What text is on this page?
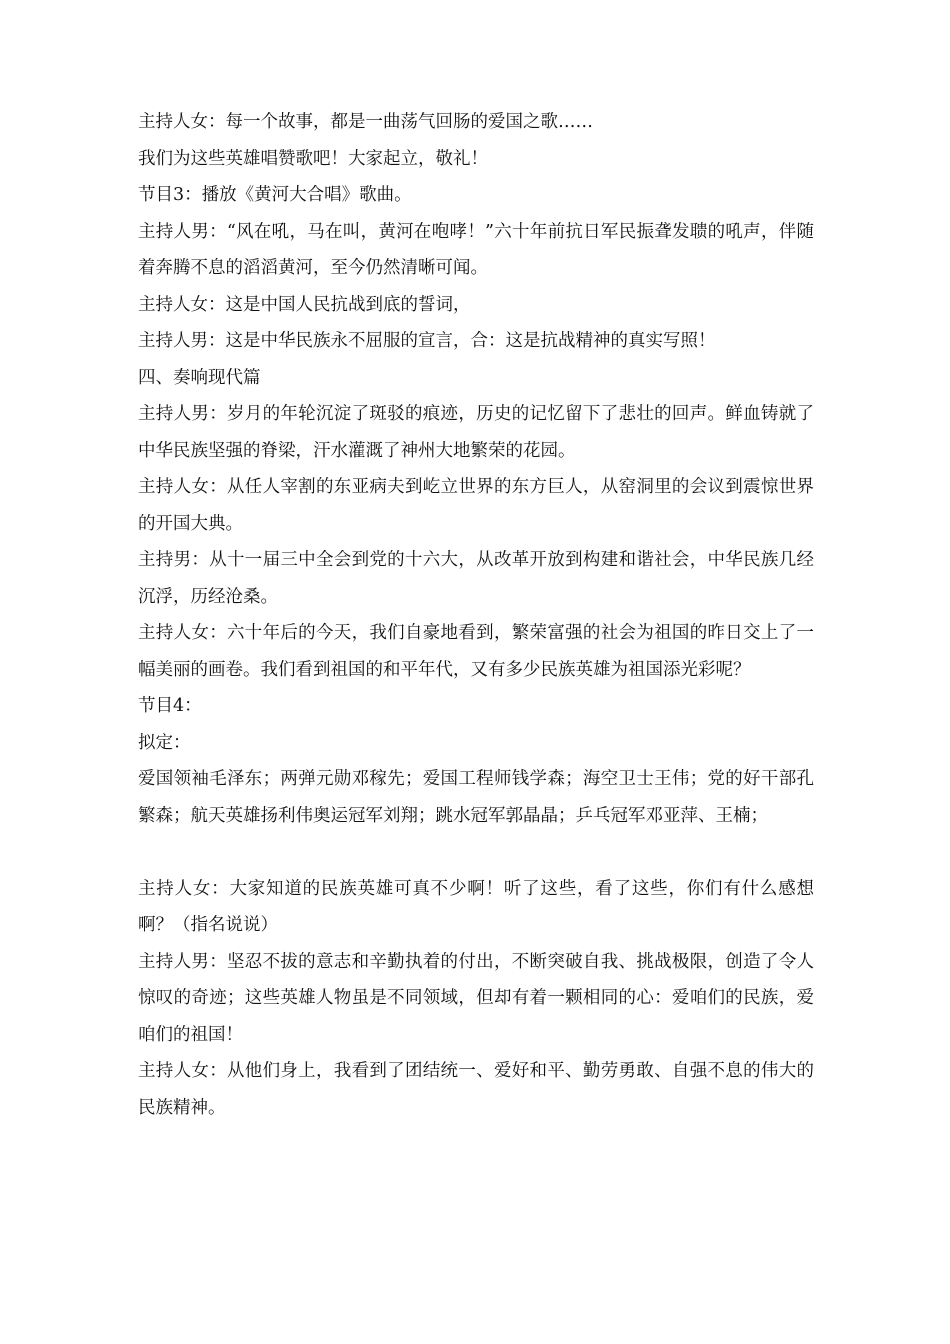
主持人女：每一个故事，都是一曲荡气回肠的爱国之歌……

我们为这些英雄唱赞歌吧！大家起立，敬礼！

节目3：播放《黄河大合唱》歌曲。

主持人男：“风在吼，马在叫，黄河在咆哮！”六十年前抗日军民振聋发聩的吼声，伴随着奔腾不息的滔滔黄河，至今仍然清晰可闻。

主持人女：这是中国人民抗战到底的誓词，

主持人男：这是中华民族永不屈服的宣言，合：这是抗战精神的真实写照！

四、奏响现代篇

主持人男：岁月的年轮沉淀了斑驳的痕迹，历史的记忆留下了悲壮的回声。鲜血铸就了中华民族坚强的脊梁，汗水灌溉了神州大地繁荣的花园。

主持人女：从任人宰割的东亚病夫到屹立世界的东方巨人，从窑洞里的会议到震惊世界的开国大典。

主持男：从十一届三中全会到党的十六大，从改革开放到构建和谐社会，中华民族几经沉浮，历经沧桑。

主持人女：六十年后的今天，我们自豪地看到，繁荣富强的社会为祖国的昨日交上了一幅美丽的画卷。我们看到祖国的和平年代，又有多少民族英雄为祖国添光彩呢？

节目4：

拟定：

爱国领袖毛泽东；两弹元勋邓稼先；爱国工程师钱学森；海空卫士王伟；党的好干部孔繁森；航天英雄扬利伟奥运冠军刘翔；跳水冠军郭晶晶；乒乓冠军邓亚萍、王楠；

主持人女：大家知道的民族英雄可真不少啊！听了这些，看了这些，你们有什么感想啊？（指名说说）

主持人男：坚忍不拔的意志和辛勤执着的付出，不断突破自我、挑战极限，创造了令人惊叹的奇迹；这些英雄人物虽是不同领域，但却有着一颗相同的心：爱咱们的民族，爱咱们的祖国！

主持人女：从他们身上，我看到了团结统一、爱好和平、勤劳勇敢、自强不息的伟大的民族精神。
